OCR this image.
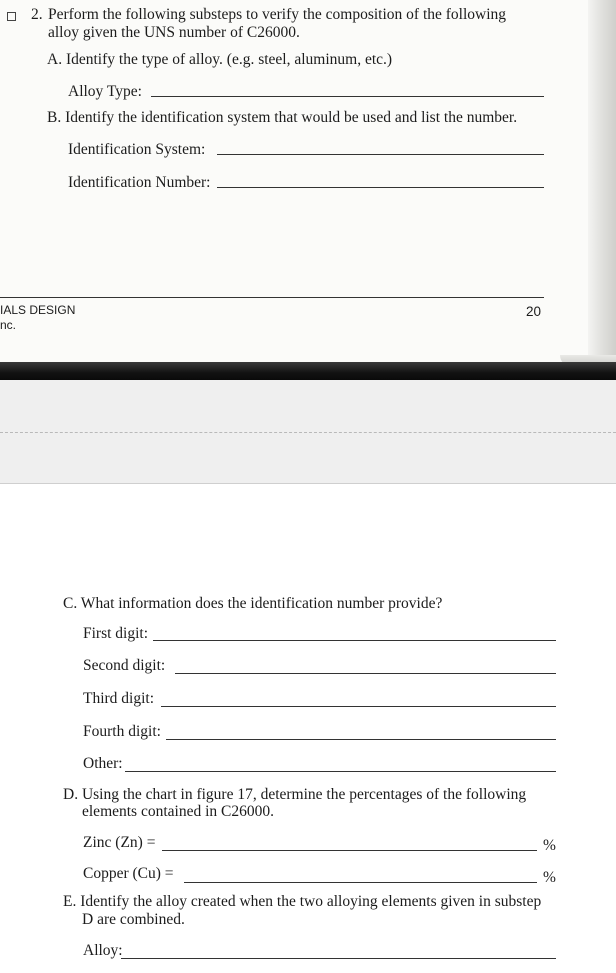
2. Perform the following substeps to verify the composition of the following
alloy given the UNS number of C26000.
A. Identify the type of alloy. (e.g. steel, aluminum, etc.)
Alloy Type:
B. Identify the identification system that would be used and list the number.
Identification System:
Identification Number:
IALS DESIGN
nc.
20
C. What information does the identification number provide?
First digit:
Second digit:
Third digit:
Fourth digit:
Other:
D. Using the chart in figure 17, determine the percentages of the following
elements contained in C26000.
Zinc (Zn) =	%
Copper (Cu) =	%
E. Identify the alloy created when the two alloying elements given in substep
D are combined.
Alloy:
